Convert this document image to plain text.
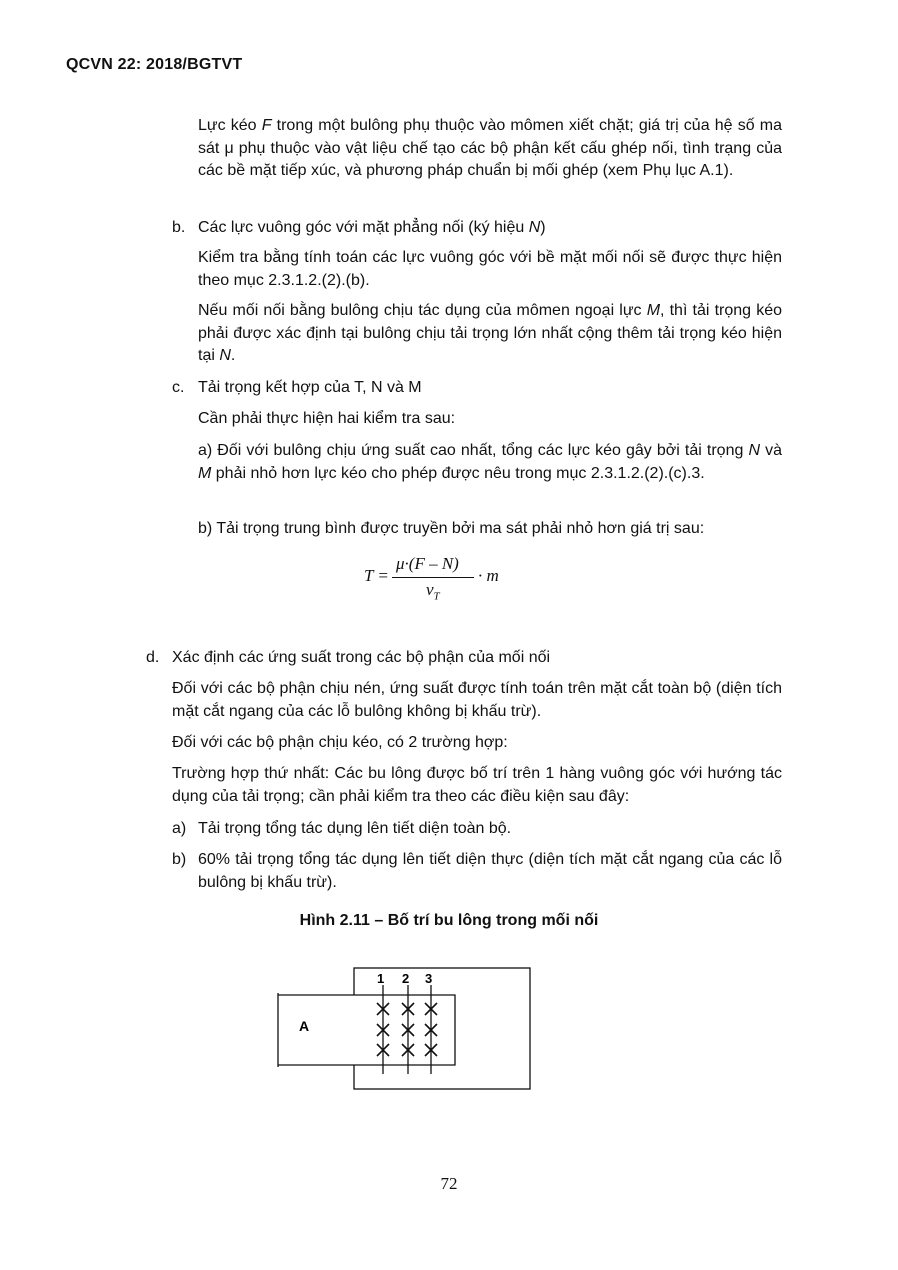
QCVN 22: 2018/BGTVT

Lực kéo F trong một bulông phụ thuộc vào mômen xiết chặt; giá trị của hệ số ma sát μ phụ thuộc vào vật liệu chế tạo các bộ phận kết cấu ghép nối, tình trạng của các bề mặt tiếp xúc, và phương pháp chuẩn bị mối ghép (xem Phụ lục A.1).

b. Các lực vuông góc với mặt phẳng nối (ký hiệu N)

Kiểm tra bằng tính toán các lực vuông góc với bề mặt mối nối sẽ được thực hiện theo mục 2.3.1.2.(2).(b).

Nếu mối nối bằng bulông chịu tác dụng của mômen ngoại lực M, thì tải trọng kéo phải được xác định tại bulông chịu tải trọng lớn nhất cộng thêm tải trọng kéo hiện tại N.

c. Tải trọng kết hợp của T, N và M

Cần phải thực hiện hai kiểm tra sau:

a) Đối với bulông chịu ứng suất cao nhất, tổng các lực kéo gây bởi tải trọng N và M phải nhỏ hơn lực kéo cho phép được nêu trong mục 2.3.1.2.(2).(c).3.

b) Tải trọng trung bình được truyền bởi ma sát phải nhỏ hơn giá trị sau:

T =
μ·(F – N)
$\nu_T$
· m
d. Xác định các ứng suất trong các bộ phận của mối nối

Đối với các bộ phận chịu nén, ứng suất được tính toán trên mặt cắt toàn bộ (diện tích mặt cắt ngang của các lỗ bulông không bị khấu trừ).

Đối với các bộ phận chịu kéo, có 2 trường hợp:

Trường hợp thứ nhất: Các bu lông được bố trí trên 1 hàng vuông góc với hướng tác dụng của tải trọng; cần phải kiểm tra theo các điều kiện sau đây:

a) Tải trọng tổng tác dụng lên tiết diện toàn bộ.

b) 60% tải trọng tổng tác dụng lên tiết diện thực (diện tích mặt cắt ngang của các lỗ bulông bị khấu trừ).

Hình 2.11 – Bố trí bu lông trong mối nối
A
1 2 3
72
